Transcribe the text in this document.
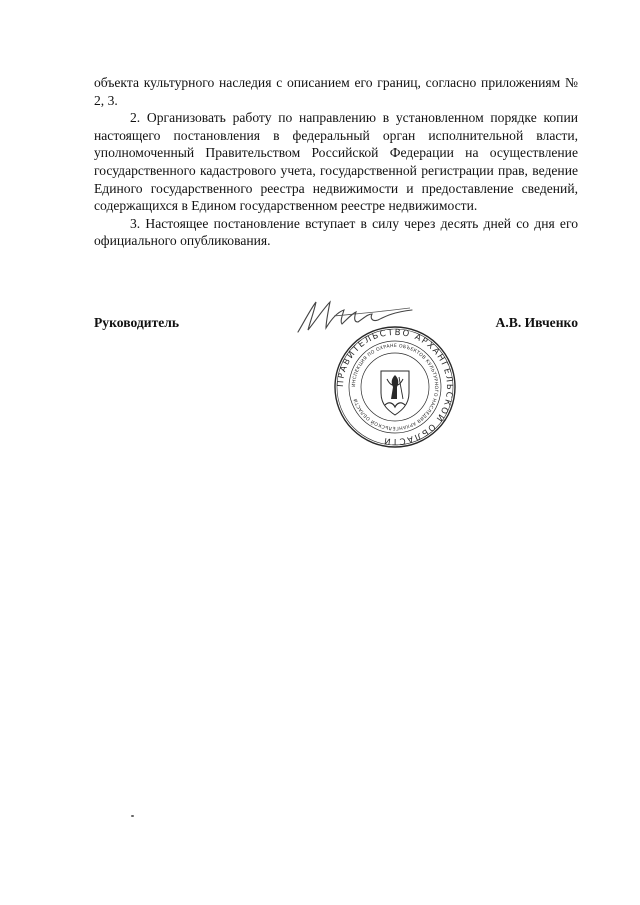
объекта культурного наследия с описанием его границ, согласно приложениям № 2, 3.

2. Организовать работу по направлению в установленном порядке копии настоящего постановления в федеральный орган исполнительной власти, уполномоченный Правительством Российской Федерации на осуществление государственного кадастрового учета, государственной регистрации прав, ведение Единого государственного реестра недвижимости и предоставление сведений, содержащихся в Едином государственном реестре недвижимости.

3. Настоящее постановление вступает в силу через десять дней со дня его официального опубликования.

Руководитель	А.В. Ивченко
ПРАВИТЕЛЬСТВО АРХАНГЕЛЬСКОЙ ОБЛАСТИ
ИНСПЕКЦИЯ ПО ОХРАНЕ ОБЪЕКТОВ КУЛЬТУРНОГО НАСЛЕДИЯ АРХАНГЕЛЬСКОЙ ОБЛАСТИ
